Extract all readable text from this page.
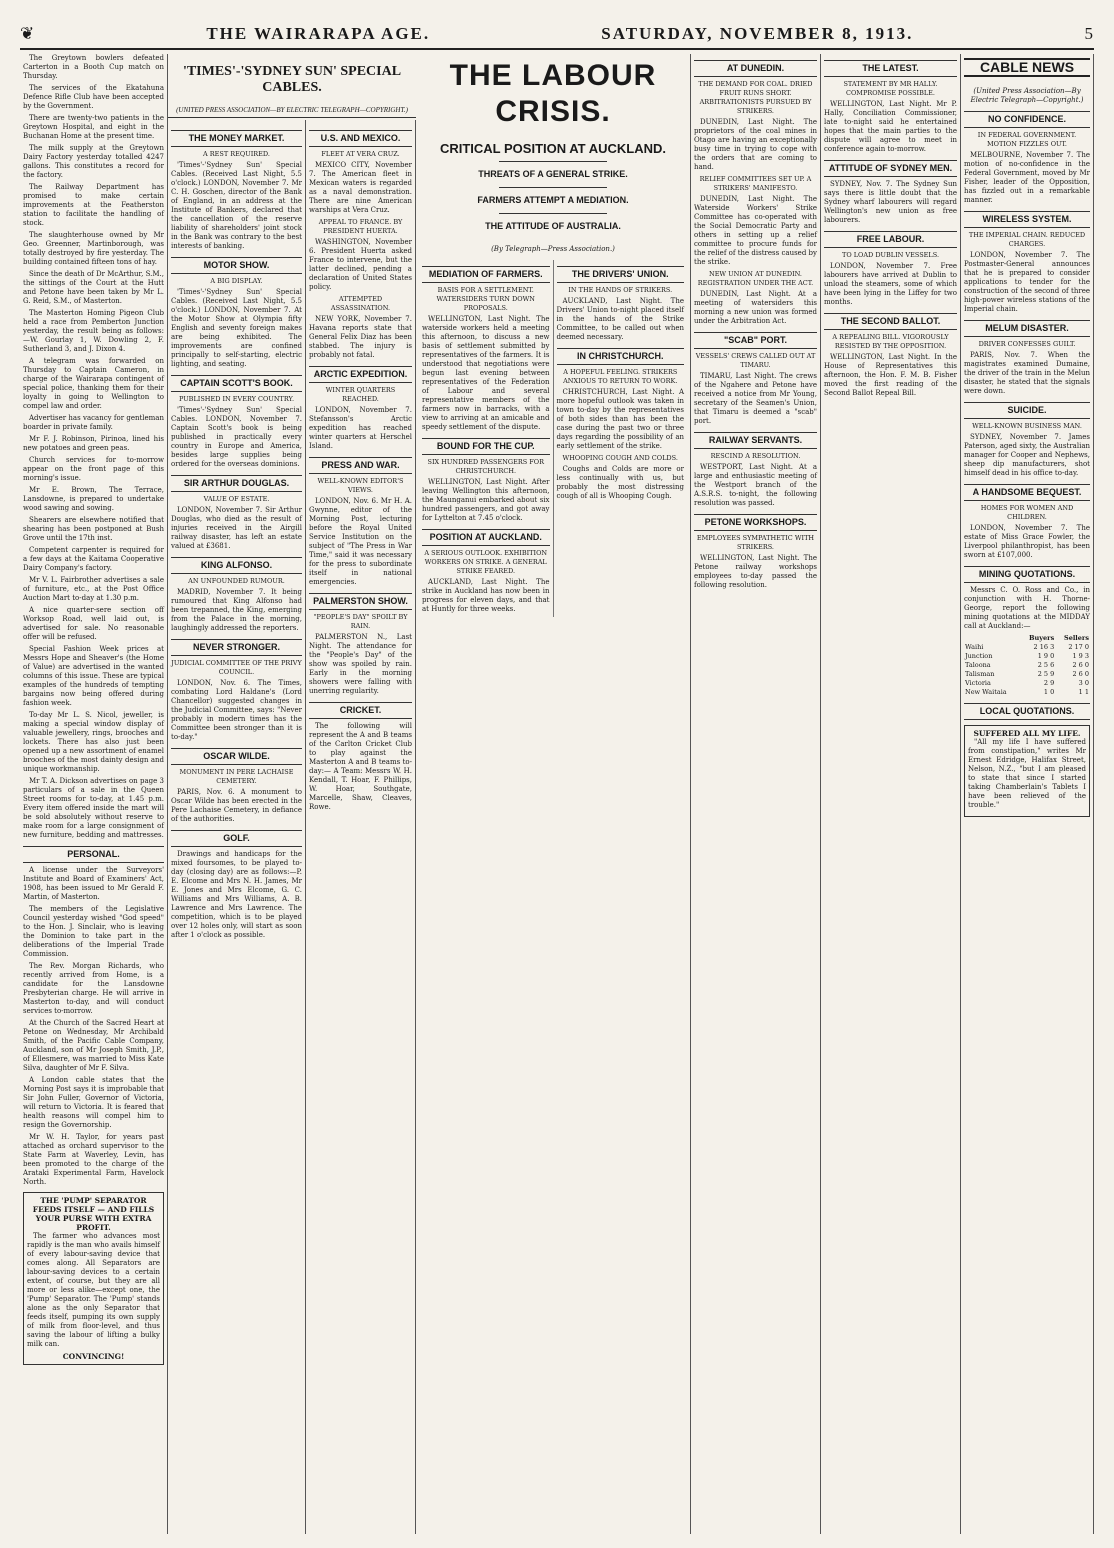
❦	THE WAIRARAPA AGE.	SATURDAY, NOVEMBER 8, 1913.	5

The Greytown bowlers defeated Carterton in a Booth Cup match on Thursday.

The services of the Ekatahuna Defence Rifle Club have been accepted by the Government.

There are twenty-two patients in the Greytown Hospital, and eight in the Buchanan Home at the present time.

The milk supply at the Greytown Dairy Factory yesterday totalled 4247 gallons. This constitutes a record for the factory.

The Railway Department has promised to make certain improvements at the Featherston station to facilitate the handling of stock.

The slaughterhouse owned by Mr Geo. Greenner, Martinborough, was totally destroyed by fire yesterday. The building contained fifteen tons of hay.

Since the death of Dr McArthur, S.M., the sittings of the Court at the Hutt and Petone have been taken by Mr L. G. Reid, S.M., of Masterton.

The Masterton Homing Pigeon Club held a race from Pemberton Junction yesterday, the result being as follows:—W. Gourlay 1, W. Dowling 2, F. Sutherland 3, and J. Dixon 4.

A telegram was forwarded on Thursday to Captain Cameron, in charge of the Wairarapa contingent of special police, thanking them for their loyalty in going to Wellington to compel law and order.

Advertiser has vacancy for gentleman boarder in private family.

Mr F. J. Robinson, Pirinoa, lined his new potatoes and green peas.

Church services for to-morrow appear on the front page of this morning's issue.

Mr E. Brown, The Terrace, Lansdowne, is prepared to undertake wood sawing and sowing.

Shearers are elsewhere notified that shearing has been postponed at Bush Grove until the 17th inst.

Competent carpenter is required for a few days at the Kaitama Cooperative Dairy Company's factory.

Mr V. L. Fairbrother advertises a sale of furniture, etc., at the Post Office Auction Mart to-day at 1.30 p.m.

A nice quarter-sere section off Worksop Road, well laid out, is advertised for sale. No reasonable offer will be refused.

Special Fashion Week prices at Messrs Hope and Sheaver's (the Home of Value) are advertised in the wanted columns of this issue. These are typical examples of the hundreds of tempting bargains now being offered during fashion week.

To-day Mr L. S. Nicol, jeweller, is making a special window display of valuable jewellery, rings, brooches and lockets. There has also just been opened up a new assortment of enamel brooches of the most dainty design and unique workmanship.

Mr T. A. Dickson advertises on page 3 particulars of a sale in the Queen Street rooms for to-day, at 1.45 p.m. Every item offered inside the mart will be sold absolutely without reserve to make room for a large consignment of new furniture, bedding and mattresses.

PERSONAL.

A license under the Surveyors' Institute and Board of Examiners' Act, 1908, has been issued to Mr Gerald F. Martin, of Masterton.

The members of the Legislative Council yesterday wished "God speed" to the Hon. J. Sinclair, who is leaving the Dominion to take part in the deliberations of the Imperial Trade Commission.

The Rev. Morgan Richards, who recently arrived from Home, is a candidate for the Lansdowne Presbyterian charge. He will arrive in Masterton to-day, and will conduct services to-morrow.

At the Church of the Sacred Heart at Petone on Wednesday, Mr Archibald Smith, of the Pacific Cable Company, Auckland, son of Mr Joseph Smith, J.P., of Ellesmere, was married to Miss Kate Silva, daughter of Mr F. Silva.

A London cable states that the Morning Post says it is improbable that Sir John Fuller, Governor of Victoria, will return to Victoria. It is feared that health reasons will compel him to resign the Governorship.

Mr W. H. Taylor, for years past attached as orchard supervisor to the State Farm at Waverley, Levin, has been promoted to the charge of the Arataki Experimental Farm, Havelock North.

THE 'PUMP' SEPARATOR FEEDS ITSELF — AND FILLS YOUR PURSE WITH EXTRA PROFIT.

The farmer who advances most rapidly is the man who avails himself of every labour-saving device that comes along. All Separators are labour-saving devices to a certain extent, of course, but they are all more or less alike—except one, the 'Pump' Separator. The 'Pump' stands alone as the only Separator that feeds itself, pumping its own supply of milk from floor-level, and thus saving the labour of lifting a bulky milk can.

CONVINCING!
'TIMES'-'SYDNEY SUN' SPECIAL CABLES.
(UNITED PRESS ASSOCIATION—BY ELECTRIC TELEGRAPH—COPYRIGHT.)
THE MONEY MARKET.
A REST REQUIRED.

'Times'-'Sydney Sun' Special Cables. (Received Last Night, 5.5 o'clock.) LONDON, November 7. Mr C. H. Goschen, director of the Bank of England, in an address at the Institute of Bankers, declared that the cancellation of the reserve liability of shareholders' joint stock in the Bank was contrary to the best interests of banking.

MOTOR SHOW.
A BIG DISPLAY.

'Times'-'Sydney Sun' Special Cables. (Received Last Night, 5.5 o'clock.) LONDON, November 7. At the Motor Show at Olympia fifty English and seventy foreign makes are being exhibited. The improvements are confined principally to self-starting, electric lighting, and seating.

CAPTAIN SCOTT'S BOOK.
PUBLISHED IN EVERY COUNTRY.

'Times'-'Sydney Sun' Special Cables. LONDON, November 7. Captain Scott's book is being published in practically every country in Europe and America, besides large supplies being ordered for the overseas dominions.

SIR ARTHUR DOUGLAS.
VALUE OF ESTATE.

LONDON, November 7. Sir Arthur Douglas, who died as the result of injuries received in the Airgill railway disaster, has left an estate valued at £3681.

KING ALFONSO.
AN UNFOUNDED RUMOUR.

MADRID, November 7. It being rumoured that King Alfonso had been trepanned, the King, emerging from the Palace in the morning, laughingly addressed the reporters.

NEVER STRONGER.
JUDICIAL COMMITTEE OF THE PRIVY COUNCIL.

LONDON, Nov. 6. The Times, combating Lord Haldane's (Lord Chancellor) suggested changes in the Judicial Committee, says: "Never probably in modern times has the Committee been stronger than it is to-day."

OSCAR WILDE.
MONUMENT IN PERE LACHAISE CEMETERY.

PARIS, Nov. 6. A monument to Oscar Wilde has been erected in the Pere Lachaise Cemetery, in defiance of the authorities.

GOLF.

Drawings and handicaps for the mixed foursomes, to be played to-day (closing day) are as follows:—P. E. Elcome and Mrs N. H. James, Mr E. Jones and Mrs Elcome, G. C. Williams and Mrs Williams, A. B. Lawrence and Mrs Lawrence. The competition, which is to be played over 12 holes only, will start as soon after 1 o'clock as possible.

U.S. AND MEXICO.
FLEET AT VERA CRUZ.

MEXICO CITY, November 7. The American fleet in Mexican waters is regarded as a naval demonstration. There are nine American warships at Vera Cruz.

APPEAL TO FRANCE. BY PRESIDENT HUERTA.

WASHINGTON, November 6. President Huerta asked France to intervene, but the latter declined, pending a declaration of United States policy.

ATTEMPTED ASSASSINATION.

NEW YORK, November 7. Havana reports state that General Felix Diaz has been stabbed. The injury is probably not fatal.

ARCTIC EXPEDITION.
WINTER QUARTERS REACHED.

LONDON, November 7. Stefansson's Arctic expedition has reached winter quarters at Herschel Island.

PRESS AND WAR.
WELL-KNOWN EDITOR'S VIEWS.

LONDON, Nov. 6. Mr H. A. Gwynne, editor of the Morning Post, lecturing before the Royal United Service Institution on the subject of "The Press in War Time," said it was necessary for the press to subordinate itself in national emergencies.

PALMERSTON SHOW.
"PEOPLE'S DAY" SPOILT BY RAIN.

PALMERSTON N., Last Night. The attendance for the "People's Day" of the show was spoiled by rain. Early in the morning showers were falling with unerring regularity.

CRICKET.

The following will represent the A and B teams of the Carlton Cricket Club to play against the Masterton A and B teams to-day:— A Team: Messrs W. H. Kendall, T. Hoar, F. Phillips, W. Hoar, Southgate, Marcelle, Shaw, Cleaves, Rowe.

THE LABOUR CRISIS.
CRITICAL POSITION AT AUCKLAND.
THREATS OF A GENERAL STRIKE.
FARMERS ATTEMPT A MEDIATION.
THE ATTITUDE OF AUSTRALIA.
(By Telegraph—Press Association.)
MEDIATION OF FARMERS.
BASIS FOR A SETTLEMENT. WATERSIDERS TURN DOWN PROPOSALS.

WELLINGTON, Last Night. The waterside workers held a meeting this afternoon, to discuss a new basis of settlement submitted by representatives of the farmers. It is understood that negotiations were begun last evening between representatives of the Federation of Labour and several representative members of the farmers now in barracks, with a view to arriving at an amicable and speedy settlement of the dispute.

BOUND FOR THE CUP.
SIX HUNDRED PASSENGERS FOR CHRISTCHURCH.

WELLINGTON, Last Night. After leaving Wellington this afternoon, the Maunganui embarked about six hundred passengers, and got away for Lyttelton at 7.45 o'clock.

POSITION AT AUCKLAND.
A SERIOUS OUTLOOK. EXHIBITION WORKERS ON STRIKE. A GENERAL STRIKE FEARED.

AUCKLAND, Last Night. The strike in Auckland has now been in progress for eleven days, and that at Huntly for three weeks.

THE DRIVERS' UNION.
IN THE HANDS OF STRIKERS.

AUCKLAND, Last Night. The Drivers' Union to-night placed itself in the hands of the Strike Committee, to be called out when deemed necessary.

IN CHRISTCHURCH.
A HOPEFUL FEELING. STRIKERS ANXIOUS TO RETURN TO WORK.

CHRISTCHURCH, Last Night. A more hopeful outlook was taken in town to-day by the representatives of both sides than has been the case during the past two or three days regarding the possibility of an early settlement of the strike.

WHOOPING COUGH AND COLDS.

Coughs and Colds are more or less continually with us, but probably the most distressing cough of all is Whooping Cough.

AT DUNEDIN.
THE DEMAND FOR COAL. DRIED FRUIT RUNS SHORT. ARBITRATIONISTS PURSUED BY STRIKERS.

DUNEDIN, Last Night. The proprietors of the coal mines in Otago are having an exceptionally busy time in trying to cope with the orders that are coming to hand.

RELIEF COMMITTEES SET UP. A STRIKERS' MANIFESTO.

DUNEDIN, Last Night. The Waterside Workers' Strike Committee has co-operated with the Social Democratic Party and others in setting up a relief committee to procure funds for the relief of the distress caused by the strike.

NEW UNION AT DUNEDIN. REGISTRATION UNDER THE ACT.

DUNEDIN, Last Night. At a meeting of watersiders this morning a new union was formed under the Arbitration Act.

"SCAB" PORT.
VESSELS' CREWS CALLED OUT AT TIMARU.

TIMARU, Last Night. The crews of the Ngahere and Petone have received a notice from Mr Young, secretary of the Seamen's Union, that Timaru is deemed a "scab" port.

RAILWAY SERVANTS.
RESCIND A RESOLUTION.

WESTPORT, Last Night. At a large and enthusiastic meeting of the Westport branch of the A.S.R.S. to-night, the following resolution was passed.

PETONE WORKSHOPS.
EMPLOYEES SYMPATHETIC WITH STRIKERS.

WELLINGTON, Last Night. The Petone railway workshops employees to-day passed the following resolution.

THE LATEST.
STATEMENT BY MR HALLY. COMPROMISE POSSIBLE.

WELLINGTON, Last Night. Mr P. Hally, Conciliation Commissioner, late to-night said he entertained hopes that the main parties to the dispute will agree to meet in conference again to-morrow.

ATTITUDE OF SYDNEY MEN.

SYDNEY, Nov. 7. The Sydney Sun says there is little doubt that the Sydney wharf labourers will regard Wellington's new union as free labourers.

FREE LABOUR.
TO LOAD DUBLIN VESSELS.

LONDON, November 7. Free labourers have arrived at Dublin to unload the steamers, some of which have been lying in the Liffey for two months.

THE SECOND BALLOT.
A REPEALING BILL. VIGOROUSLY RESISTED BY THE OPPOSITION.

WELLINGTON, Last Night. In the House of Representatives this afternoon, the Hon. F. M. B. Fisher moved the first reading of the Second Ballot Repeal Bill.

CABLE NEWS
(United Press Association—By Electric Telegraph—Copyright.)
NO CONFIDENCE.
IN FEDERAL GOVERNMENT. MOTION FIZZLES OUT.

MELBOURNE, November 7. The motion of no-confidence in the Federal Government, moved by Mr Fisher, leader of the Opposition, has fizzled out in a remarkable manner.

WIRELESS SYSTEM.
THE IMPERIAL CHAIN. REDUCED CHARGES.

LONDON, November 7. The Postmaster-General announces that he is prepared to consider applications to tender for the construction of the second of three high-power wireless stations of the Imperial chain.

MELUM DISASTER.
DRIVER CONFESSES GUILT.

PARIS, Nov. 7. When the magistrates examined Dumaine, the driver of the train in the Melun disaster, he stated that the signals were down.

SUICIDE.
WELL-KNOWN BUSINESS MAN.

SYDNEY, November 7. James Paterson, aged sixty, the Australian manager for Cooper and Nephews, sheep dip manufacturers, shot himself dead in his office to-day.

A HANDSOME BEQUEST.
HOMES FOR WOMEN AND CHILDREN.

LONDON, November 7. The estate of Miss Grace Fowler, the Liverpool philanthropist, has been sworn at £107,000.

MINING QUOTATIONS.

Messrs C. O. Ross and Co., in conjunction with H. Thorne-George, report the following mining quotations at the MIDDAY call at Auckland:—

	Buyers	Sellers
Waihi	2 16 3	2 17 0
Junction	1 9 0	1 9 3
Taloona	2 5 6	2 6 0
Talisman	2 5 9	2 6 0
Victoria	2 9	3 0
New Waitaia	1 0	1 1
LOCAL QUOTATIONS.
SUFFERED ALL MY LIFE.

"All my life I have suffered from constipation," writes Mr Ernest Edridge, Halifax Street, Nelson, N.Z., "but I am pleased to state that since I started taking Chamberlain's Tablets I have been relieved of the trouble."
